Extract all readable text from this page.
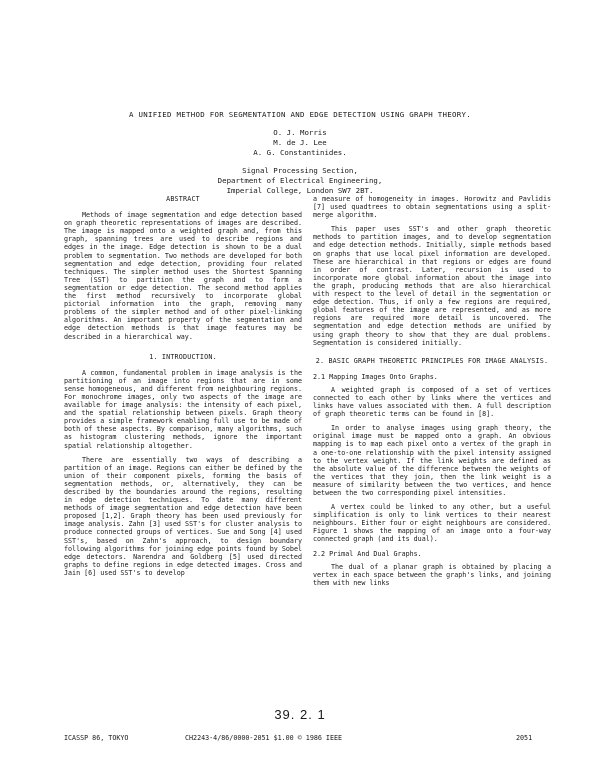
A UNIFIED METHOD FOR SEGMENTATION AND EDGE DETECTION USING GRAPH THEORY.
O. J. Morris
M. de J. Lee
A. G. Constantinides.
Signal Processing Section,
Department of Electrical Engineering,
Imperial College, London SW7 2BT.
ABSTRACT

Methods of image segmentation and edge detection based on graph theoretic representations of images are described. The image is mapped onto a weighted graph and, from this graph, spanning trees are used to describe regions and edges in the image. Edge detection is shown to be a dual problem to segmentation. Two methods are developed for both segmentation and edge detection, providing four related techniques. The simpler method uses the Shortest Spanning Tree (SST) to partition the graph and to form a segmentation or edge detection. The second method applies the first method recursively to incorporate global pictorial information into the graph, removing many problems of the simpler method and of other pixel-linking algorithms. An important property of the segmentation and edge detection methods is that image features may be described in a hierarchical way.

1. INTRODUCTION.

A common, fundamental problem in image analysis is the partitioning of an image into regions that are in some sense homogeneous, and different from neighbouring regions. For monochrome images, only two aspects of the image are available for image analysis: the intensity of each pixel, and the spatial relationship between pixels. Graph theory provides a simple framework enabling full use to be made of both of these aspects. By comparison, many algorithms, such as histogram clustering methods, ignore the important spatial relationship altogether.

There are essentially two ways of describing a partition of an image. Regions can either be defined by the union of their component pixels, forming the basis of segmentation methods, or, alternatively, they can be described by the boundaries around the regions, resulting in edge detection techniques. To date many different methods of image segmentation and edge detection have been proposed [1,2]. Graph theory has been used previously for image analysis. Zahn [3] used SST's for cluster analysis to produce connected groups of vertices. Sue and Song [4] used SST's, based on Zahn's approach, to design boundary following algorithms for joining edge points found by Sobel edge detectors. Narendra and Goldberg [5] used directed graphs to define regions in edge detected images. Cross and Jain [6] used SST's to develop

a measure of homogeneity in images. Horowitz and Pavlidis [7] used quadtrees to obtain segmentations using a split-merge algorithm.

This paper uses SST's and other graph theoretic methods to partition images, and to develop segmentation and edge detection methods. Initially, simple methods based on graphs that use local pixel information are developed. These are hierarchical in that regions or edges are found in order of contrast. Later, recursion is used to incorporate more global information about the image into the graph, producing methods that are also hierarchical with respect to the level of detail in the segmentation or edge detection. Thus, if only a few regions are required, global features of the image are represented, and as more regions are required more detail is uncovered. The segmentation and edge detection methods are unified by using graph theory to show that they are dual problems. Segmentation is considered initially.

2. BASIC GRAPH THEORETIC PRINCIPLES FOR IMAGE ANALYSIS.
2.1 Mapping Images Onto Graphs.

A weighted graph is composed of a set of vertices connected to each other by links where the vertices and links have values associated with them. A full description of graph theoretic terms can be found in [8].

In order to analyse images using graph theory, the original image must be mapped onto a graph. An obvious mapping is to map each pixel onto a vertex of the graph in a one-to-one relationship with the pixel intensity assigned to the vertex weight. If the link weights are defined as the absolute value of the difference between the weights of the vertices that they join, then the link weight is a measure of similarity between the two vertices, and hence between the two corresponding pixel intensities.

A vertex could be linked to any other, but a useful simplification is only to link vertices to their nearest neighbours. Either four or eight neighbours are considered. Figure 1 shows the mapping of an image onto a four-way connected graph (and its dual).

2.2 Primal And Dual Graphs.

The dual of a planar graph is obtained by placing a vertex in each space between the graph's links, and joining them with new links

39. 2. 1
ICASSP 86, TOKYO	CH2243-4/86/0000-2051 $1.00 © 1986 IEEE	2051
